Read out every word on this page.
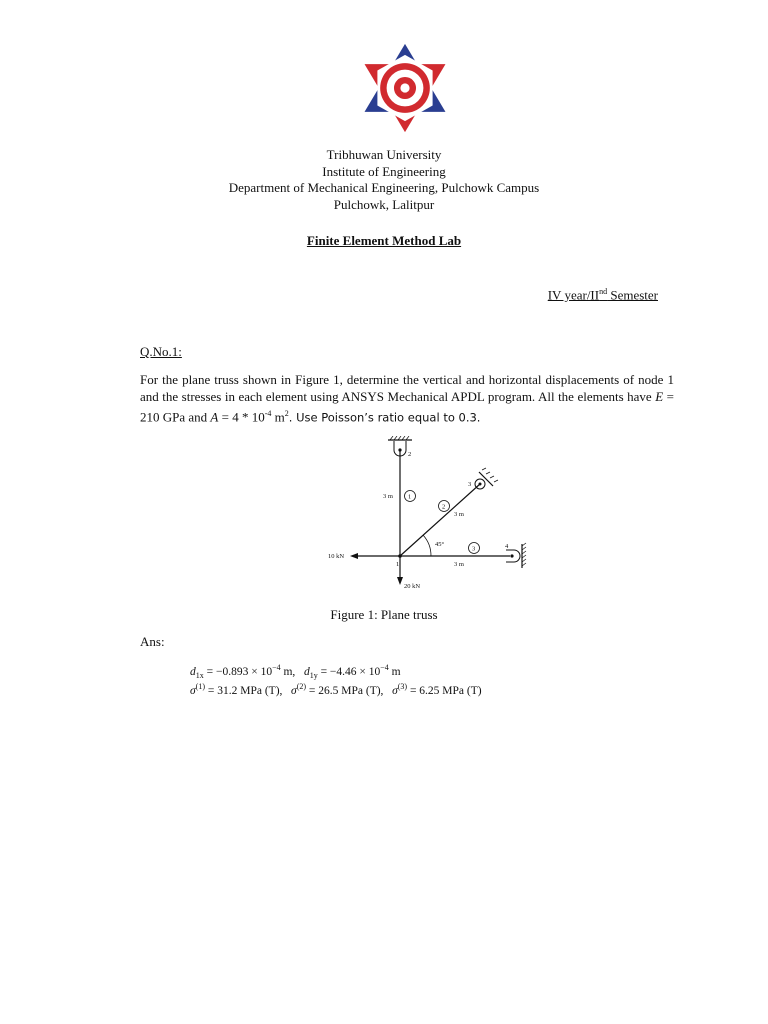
Tribhuwan University
Institute of Engineering
Department of Mechanical Engineering, Pulchowk Campus
Pulchowk, Lalitpur
Finite Element Method Lab
IV year/IInd Semester
Q.No.1:
For the plane truss shown in Figure 1, determine the vertical and horizontal displacements of node 1 and the stresses in each element using ANSYS Mechanical APDL program. All the elements have E = 210 GPa and $A = 4 * 10^{-4}$ $m^2$. Use Poisson’s ratio equal to 0.3.
1
2
3
2
3
4
1
3 m
3 m
3 m
45°
10 kN
20 kN
Figure 1: Plane truss
Ans:
$d_{1x} = -0.893 \times 10^{-4}$ m, $d_{1y} = -4.46 \times 10^{-4}$ m
$\sigma^{(1)} = 31.2$ MPa (T), $\sigma^{(2)} = 26.5$ MPa (T), $\sigma^{(3)} = 6.25$ MPa (T)
